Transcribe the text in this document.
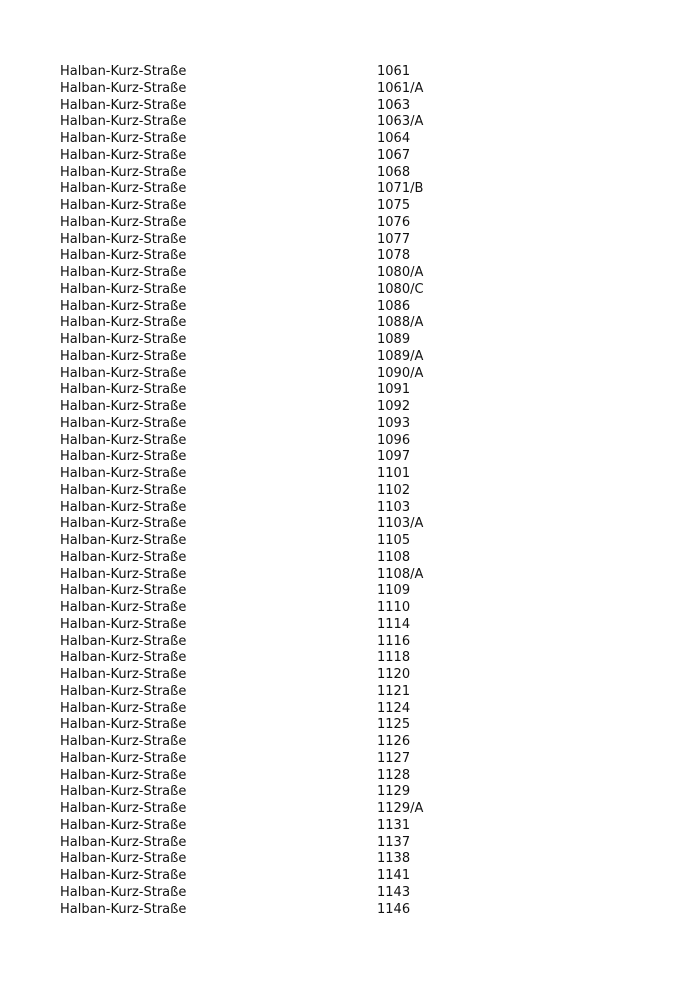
Halban-Kurz-Straße	1061
Halban-Kurz-Straße	1061/A
Halban-Kurz-Straße	1063
Halban-Kurz-Straße	1063/A
Halban-Kurz-Straße	1064
Halban-Kurz-Straße	1067
Halban-Kurz-Straße	1068
Halban-Kurz-Straße	1071/B
Halban-Kurz-Straße	1075
Halban-Kurz-Straße	1076
Halban-Kurz-Straße	1077
Halban-Kurz-Straße	1078
Halban-Kurz-Straße	1080/A
Halban-Kurz-Straße	1080/C
Halban-Kurz-Straße	1086
Halban-Kurz-Straße	1088/A
Halban-Kurz-Straße	1089
Halban-Kurz-Straße	1089/A
Halban-Kurz-Straße	1090/A
Halban-Kurz-Straße	1091
Halban-Kurz-Straße	1092
Halban-Kurz-Straße	1093
Halban-Kurz-Straße	1096
Halban-Kurz-Straße	1097
Halban-Kurz-Straße	1101
Halban-Kurz-Straße	1102
Halban-Kurz-Straße	1103
Halban-Kurz-Straße	1103/A
Halban-Kurz-Straße	1105
Halban-Kurz-Straße	1108
Halban-Kurz-Straße	1108/A
Halban-Kurz-Straße	1109
Halban-Kurz-Straße	1110
Halban-Kurz-Straße	1114
Halban-Kurz-Straße	1116
Halban-Kurz-Straße	1118
Halban-Kurz-Straße	1120
Halban-Kurz-Straße	1121
Halban-Kurz-Straße	1124
Halban-Kurz-Straße	1125
Halban-Kurz-Straße	1126
Halban-Kurz-Straße	1127
Halban-Kurz-Straße	1128
Halban-Kurz-Straße	1129
Halban-Kurz-Straße	1129/A
Halban-Kurz-Straße	1131
Halban-Kurz-Straße	1137
Halban-Kurz-Straße	1138
Halban-Kurz-Straße	1141
Halban-Kurz-Straße	1143
Halban-Kurz-Straße	1146
